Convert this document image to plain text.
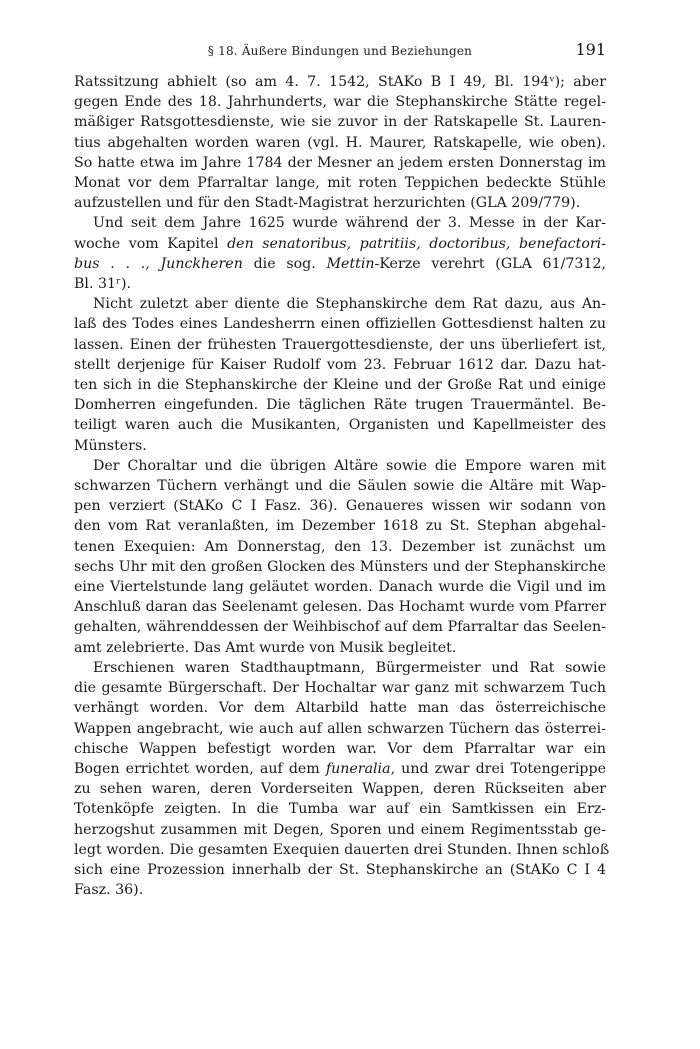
§ 18. Äußere Bindungen und Beziehungen	191

Ratssitzung abhielt (so am 4. 7. 1542, StAKo B I 49, Bl. 194ᵛ); aber
gegen Ende des 18. Jahrhunderts, war die Stephanskirche Stätte regel-
mäßiger Ratsgottesdienste, wie sie zuvor in der Ratskapelle St. Lauren-
tius abgehalten worden waren (vgl. H. Maurer, Ratskapelle, wie oben).
So hatte etwa im Jahre 1784 der Mesner an jedem ersten Donnerstag im
Monat vor dem Pfarraltar lange, mit roten Teppichen bedeckte Stühle
aufzustellen und für den Stadt-Magistrat herzurichten (GLA 209/779).

Und seit dem Jahre 1625 wurde während der 3. Messe in der Kar-
woche vom Kapitel den senatoribus, patritiis, doctoribus, benefactori-
bus . . ., Junckheren die sog. Mettin-Kerze verehrt (GLA 61/7312,
Bl. 31ʳ).

Nicht zuletzt aber diente die Stephanskirche dem Rat dazu, aus An-
laß des Todes eines Landesherrn einen offiziellen Gottesdienst halten zu
lassen. Einen der frühesten Trauergottesdienste, der uns überliefert ist,
stellt derjenige für Kaiser Rudolf vom 23. Februar 1612 dar. Dazu hat-
ten sich in die Stephanskirche der Kleine und der Große Rat und einige
Domherren eingefunden. Die täglichen Räte trugen Trauermäntel. Be-
teiligt waren auch die Musikanten, Organisten und Kapellmeister des
Münsters.

Der Choraltar und die übrigen Altäre sowie die Empore waren mit
schwarzen Tüchern verhängt und die Säulen sowie die Altäre mit Wap-
pen verziert (StAKo C I Fasz. 36). Genaueres wissen wir sodann von
den vom Rat veranlaßten, im Dezember 1618 zu St. Stephan abgehal-
tenen Exequien: Am Donnerstag, den 13. Dezember ist zunächst um
sechs Uhr mit den großen Glocken des Münsters und der Stephanskirche
eine Viertelstunde lang geläutet worden. Danach wurde die Vigil und im
Anschluß daran das Seelenamt gelesen. Das Hochamt wurde vom Pfarrer
gehalten, währenddessen der Weihbischof auf dem Pfarraltar das Seelen-
amt zelebrierte. Das Amt wurde von Musik begleitet.

Erschienen waren Stadthauptmann, Bürgermeister und Rat sowie
die gesamte Bürgerschaft. Der Hochaltar war ganz mit schwarzem Tuch
verhängt worden. Vor dem Altarbild hatte man das österreichische
Wappen angebracht, wie auch auf allen schwarzen Tüchern das österrei-
chische Wappen befestigt worden war. Vor dem Pfarraltar war ein
Bogen errichtet worden, auf dem funeralia, und zwar drei Totengerippe
zu sehen waren, deren Vorderseiten Wappen, deren Rückseiten aber
Totenköpfe zeigten. In die Tumba war auf ein Samtkissen ein Erz-
herzogshut zusammen mit Degen, Sporen und einem Regimentsstab ge-
legt worden. Die gesamten Exequien dauerten drei Stunden. Ihnen schloß
sich eine Prozession innerhalb der St. Stephanskirche an (StAKo C I 4
Fasz. 36).
